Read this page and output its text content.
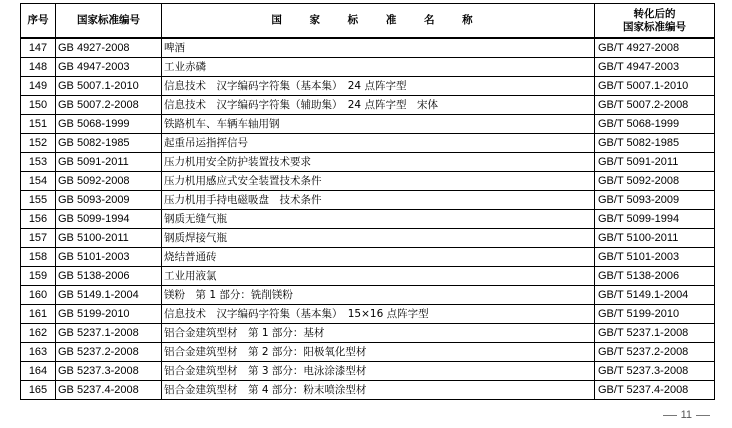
序号	国家标准编号	国 家 标 准 名 称	转化后的
国家标准编号

147	GB 4927-2008	啤酒	GB/T 4927-2008
148	GB 4947-2003	工业赤磷	GB/T 4947-2003
149	GB 5007.1-2010	信息技术　汉字编码字符集（基本集）　24 点阵字型	GB/T 5007.1-2010
150	GB 5007.2-2008	信息技术　汉字编码字符集（辅助集）　24 点阵字型　宋体	GB/T 5007.2-2008
151	GB 5068-1999	铁路机车、车辆车轴用钢	GB/T 5068-1999
152	GB 5082-1985	起重吊运指挥信号	GB/T 5082-1985
153	GB 5091-2011	压力机用安全防护装置技术要求	GB/T 5091-2011
154	GB 5092-2008	压力机用感应式安全装置技术条件	GB/T 5092-2008
155	GB 5093-2009	压力机用手持电磁吸盘　技术条件	GB/T 5093-2009
156	GB 5099-1994	钢质无缝气瓶	GB/T 5099-1994
157	GB 5100-2011	钢质焊接气瓶	GB/T 5100-2011
158	GB 5101-2003	烧结普通砖	GB/T 5101-2003
159	GB 5138-2006	工业用液氯	GB/T 5138-2006
160	GB 5149.1-2004	镁粉　第 1 部分：铣削镁粉	GB/T 5149.1-2004
161	GB 5199-2010	信息技术　汉字编码字符集（基本集）　15×16 点阵字型	GB/T 5199-2010
162	GB 5237.1-2008	铝合金建筑型材　第 1 部分：基材	GB/T 5237.1-2008
163	GB 5237.2-2008	铝合金建筑型材　第 2 部分：阳极氧化型材	GB/T 5237.2-2008
164	GB 5237.3-2008	铝合金建筑型材　第 3 部分：电泳涂漆型材	GB/T 5237.3-2008
165	GB 5237.4-2008	铝合金建筑型材　第 4 部分：粉末喷涂型材	GB/T 5237.4-2008
11
